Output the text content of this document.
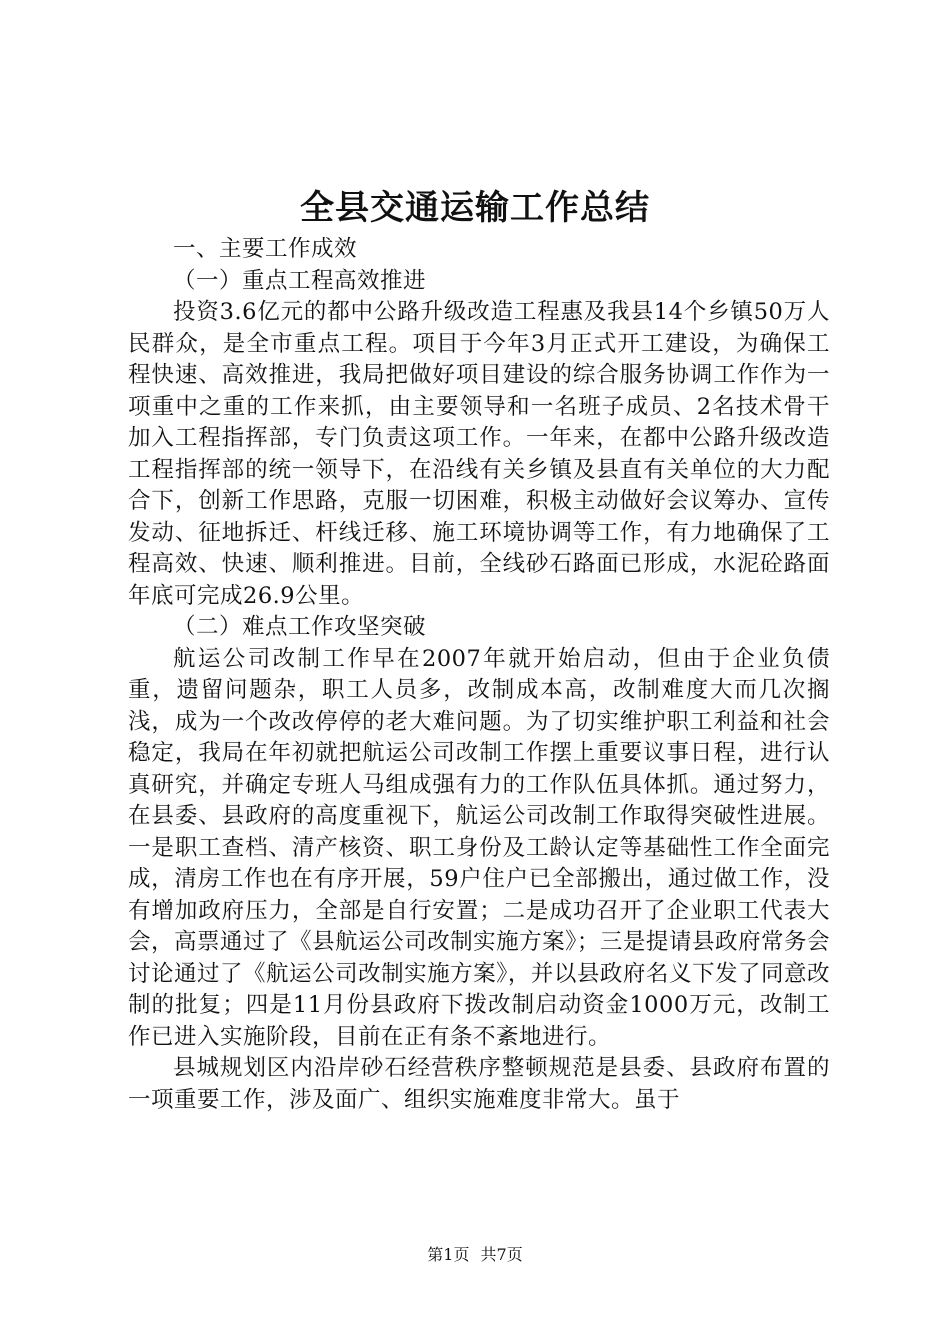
全县交通运输工作总结

一、主要工作成效

（一）重点工程高效推进

投资3.6亿元的都中公路升级改造工程惠及我县14个乡镇50万人民群众，是全市重点工程。项目于今年3月正式开工建设，为确保工程快速、高效推进，我局把做好项目建设的综合服务协调工作作为一项重中之重的工作来抓，由主要领导和一名班子成员、2名技术骨干加入工程指挥部，专门负责这项工作。一年来，在都中公路升级改造工程指挥部的统一领导下，在沿线有关乡镇及县直有关单位的大力配合下，创新工作思路，克服一切困难，积极主动做好会议筹办、宣传发动、征地拆迁、杆线迁移、施工环境协调等工作，有力地确保了工程高效、快速、顺利推进。目前，全线砂石路面已形成，水泥砼路面年底可完成26.9公里。

（二）难点工作攻坚突破

航运公司改制工作早在2007年就开始启动，但由于企业负债重，遗留问题杂，职工人员多，改制成本高，改制难度大而几次搁浅，成为一个改改停停的老大难问题。为了切实维护职工利益和社会稳定，我局在年初就把航运公司改制工作摆上重要议事日程，进行认真研究，并确定专班人马组成强有力的工作队伍具体抓。通过努力，在县委、县政府的高度重视下，航运公司改制工作取得突破性进展。一是职工查档、清产核资、职工身份及工龄认定等基础性工作全面完成，清房工作也在有序开展，59户住户已全部搬出，通过做工作，没有增加政府压力，全部是自行安置；二是成功召开了企业职工代表大会，高票通过了《县航运公司改制实施方案》；三是提请县政府常务会讨论通过了《航运公司改制实施方案》，并以县政府名义下发了同意改制的批复；四是11月份县政府下拨改制启动资金1000万元，改制工作已进入实施阶段，目前在正有条不紊地进行。

县城规划区内沿岸砂石经营秩序整顿规范是县委、县政府布置的一项重要工作，涉及面广、组织实施难度非常大。虽于

第1页 共7页
